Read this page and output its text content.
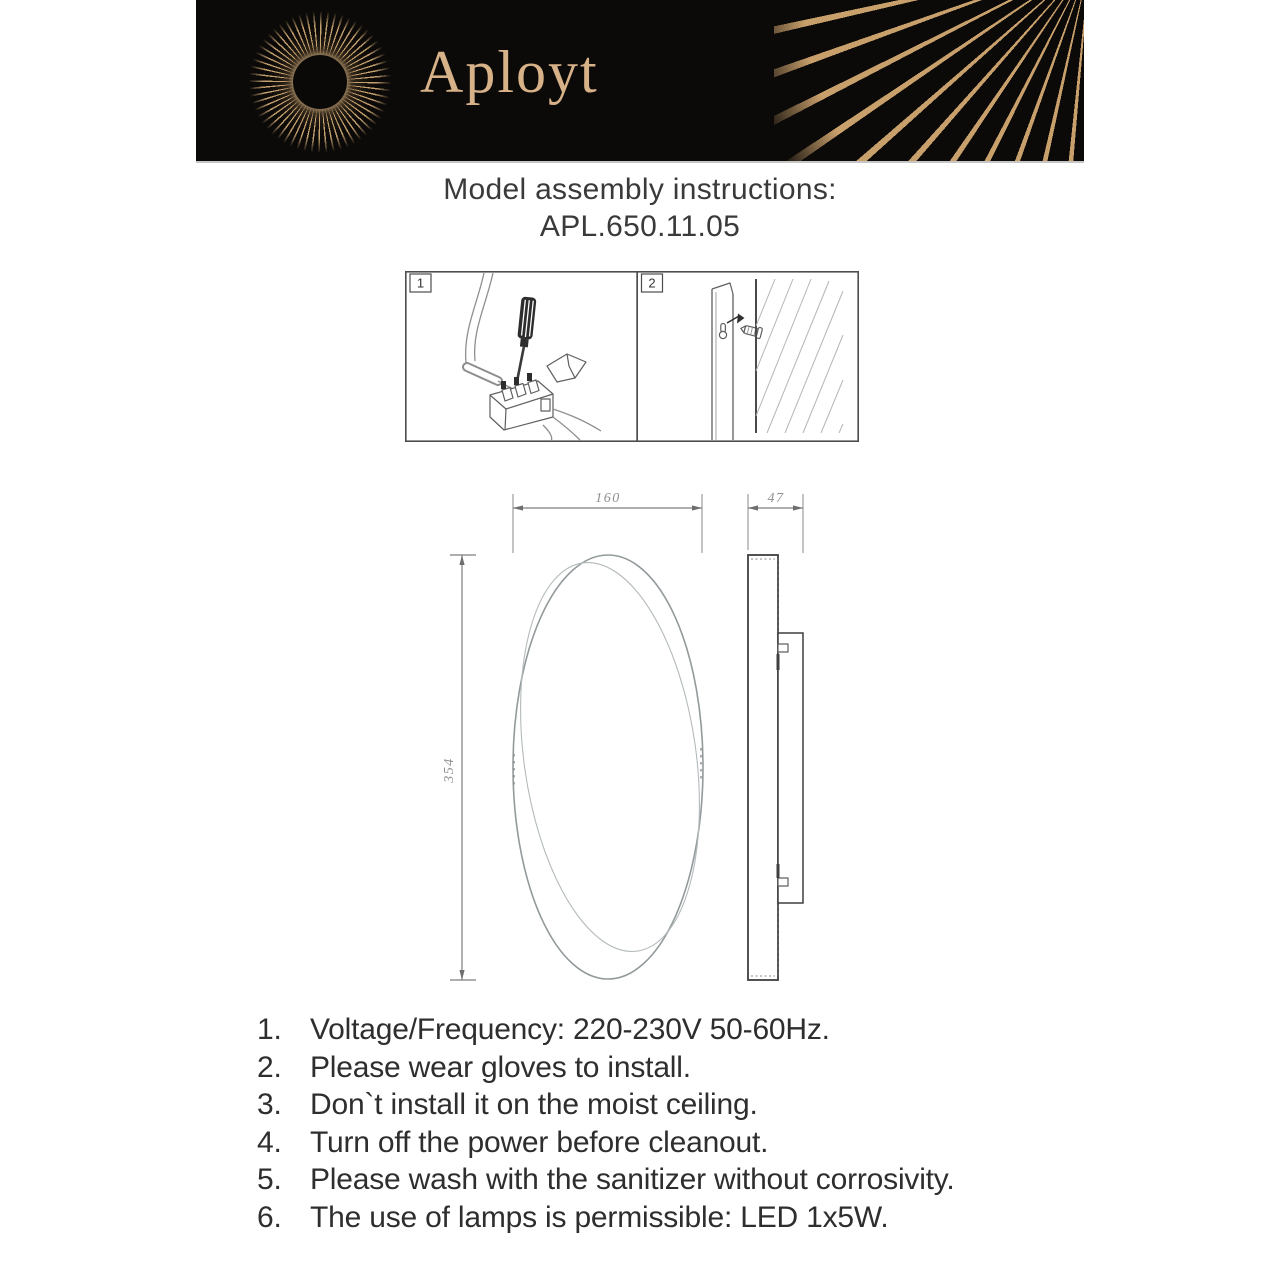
Aployt
Model assembly instructions:
APL.650.11.05
1	2
160
354
47
1. Voltage/Frequency: 220-230V 50-60Hz.
2. Please wear gloves to install.
3. Don`t install it on the moist ceiling.
4. Turn off the power before cleanout.
5. Please wash with the sanitizer without corrosivity.
6. The use of lamps is permissible: LED 1x5W.
